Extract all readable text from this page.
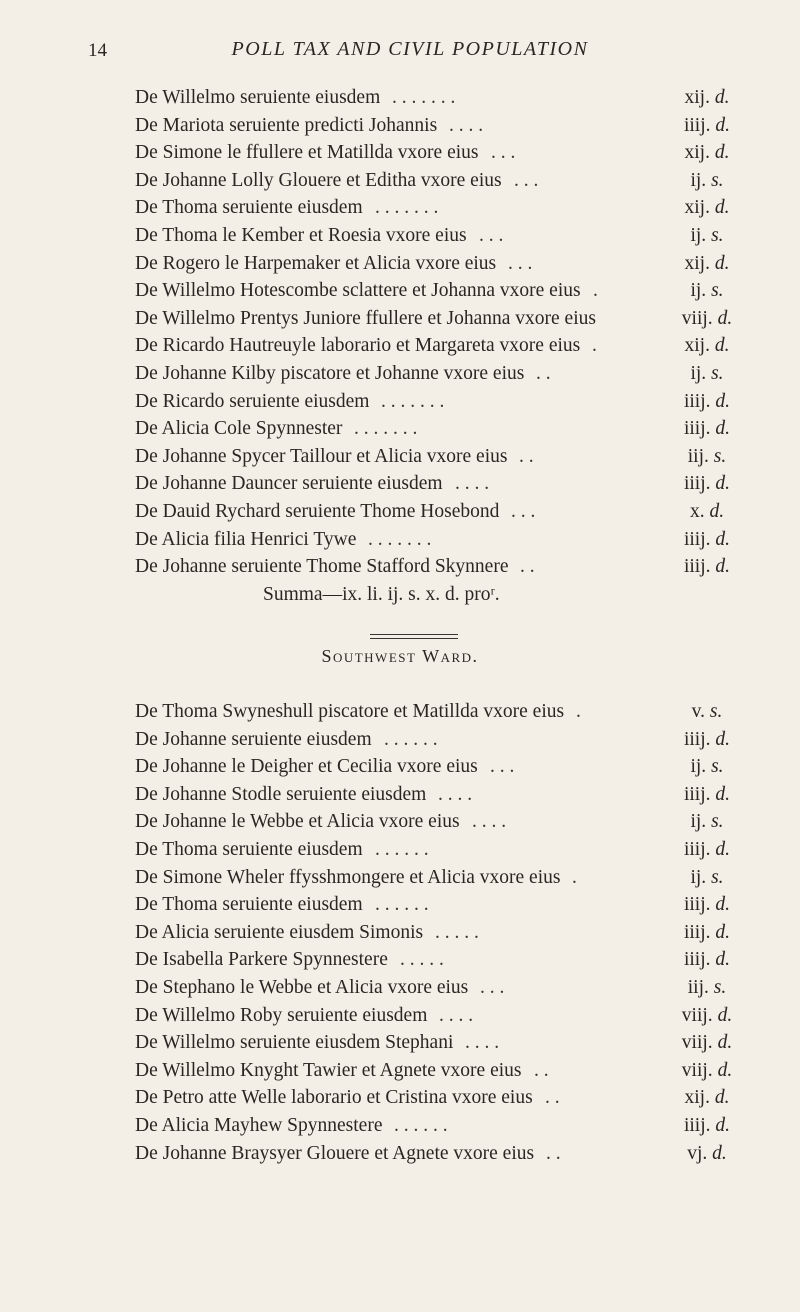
14	POLL TAX AND CIVIL POPULATION
De Willelmo seruiente eiusdem . . . . . . .	xij. d.
De Mariota seruiente predicti Johannis . . . .	iiij. d.
De Simone le ffullere et Matillda vxore eius . . .	xij. d.
De Johanne Lolly Glouere et Editha vxore eius . . .	ij. s.
De Thoma seruiente eiusdem . . . . . . .	xij. d.
De Thoma le Kember et Roesia vxore eius . . .	ij. s.
De Rogero le Harpemaker et Alicia vxore eius . . .	xij. d.
De Willelmo Hotescombe sclattere et Johanna vxore eius .	ij. s.
De Willelmo Prentys Juniore ffullere et Johanna vxore eius	viij. d.
De Ricardo Hautreuyle laborario et Margareta vxore eius .	xij. d.
De Johanne Kilby piscatore et Johanne vxore eius . .	ij. s.
De Ricardo seruiente eiusdem . . . . . . .	iiij. d.
De Alicia Cole Spynnester . . . . . . .	iiij. d.
De Johanne Spycer Taillour et Alicia vxore eius . .	iij. s.
De Johanne Dauncer seruiente eiusdem . . . .	iiij. d.
De Dauid Rychard seruiente Thome Hosebond . . .	x. d.
De Alicia filia Henrici Tywe . . . . . . .	iiij. d.
De Johanne seruiente Thome Stafford Skynnere . .	iiij. d.
Summa—ix. li. ij. s. x. d. proʳ.
Southwest Ward.
De Thoma Swyneshull piscatore et Matillda vxore eius .	v. s.
De Johanne seruiente eiusdem . . . . . .	iiij. d.
De Johanne le Deigher et Cecilia vxore eius . . .	ij. s.
De Johanne Stodle seruiente eiusdem . . . .	iiij. d.
De Johanne le Webbe et Alicia vxore eius . . . .	ij. s.
De Thoma seruiente eiusdem . . . . . .	iiij. d.
De Simone Wheler ffysshmongere et Alicia vxore eius .	ij. s.
De Thoma seruiente eiusdem . . . . . .	iiij. d.
De Alicia seruiente eiusdem Simonis . . . . .	iiij. d.
De Isabella Parkere Spynnestere . . . . .	iiij. d.
De Stephano le Webbe et Alicia vxore eius . . .	iij. s.
De Willelmo Roby seruiente eiusdem . . . .	viij. d.
De Willelmo seruiente eiusdem Stephani . . . .	viij. d.
De Willelmo Knyght Tawier et Agnete vxore eius . .	viij. d.
De Petro atte Welle laborario et Cristina vxore eius . .	xij. d.
De Alicia Mayhew Spynnestere . . . . . .	iiij. d.
De Johanne Braysyer Glouere et Agnete vxore eius . .	vj. d.
